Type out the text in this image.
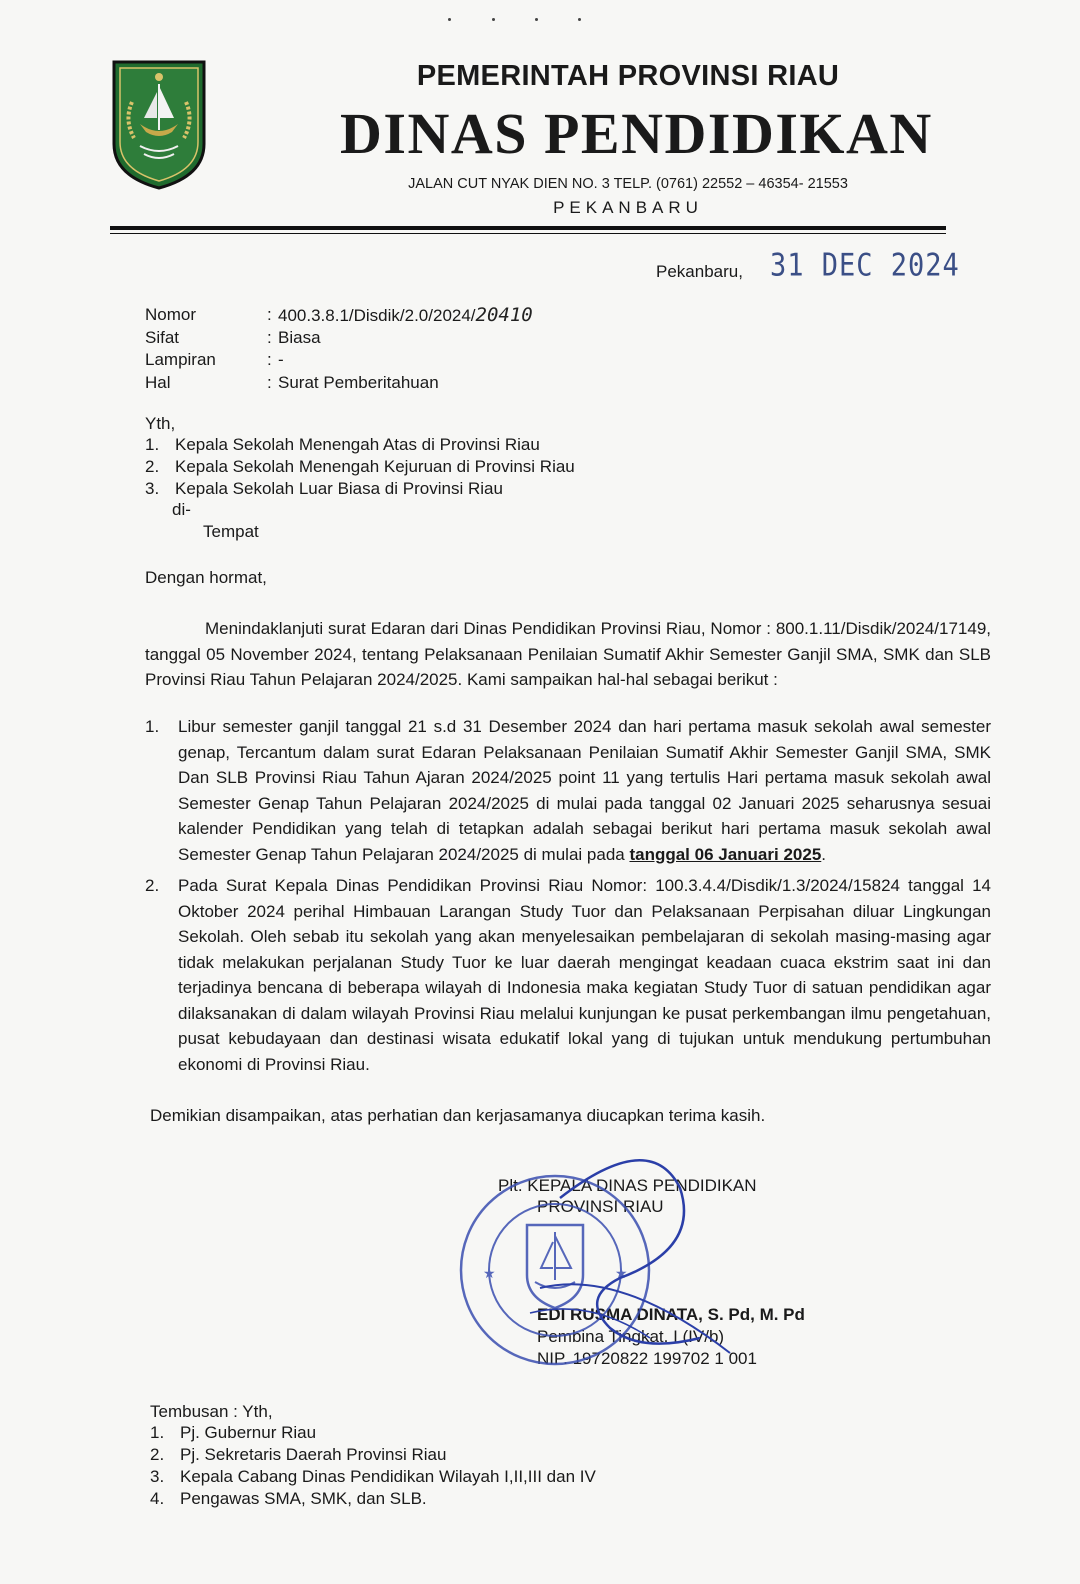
PEMERINTAH PROVINSI RIAU
DINAS PENDIDIKAN
JALAN CUT NYAK DIEN NO. 3 TELP. (0761) 22552 – 46354- 21553
PEKANBARU
Pekanbaru, 31 DEC 2024
Nomor	: 400.3.8.1/Disdik/2.0/2024/20410
Sifat	: Biasa
Lampiran	: -
Hal	: Surat Pemberitahuan
Yth,
1. Kepala Sekolah Menengah Atas di Provinsi Riau
2. Kepala Sekolah Menengah Kejuruan di Provinsi Riau
3. Kepala Sekolah Luar Biasa di Provinsi Riau
di-
Tempat
Dengan hormat,
Menindaklanjuti surat Edaran dari Dinas Pendidikan Provinsi Riau, Nomor : 800.1.11/Disdik/2024/17149, tanggal 05 November 2024, tentang Pelaksanaan Penilaian Sumatif Akhir Semester Ganjil SMA, SMK dan SLB Provinsi Riau Tahun Pelajaran 2024/2025. Kami sampaikan hal-hal sebagai berikut :
1. Libur semester ganjil tanggal 21 s.d 31 Desember 2024 dan hari pertama masuk sekolah awal semester genap, Tercantum dalam surat Edaran Pelaksanaan Penilaian Sumatif Akhir Semester Ganjil SMA, SMK Dan SLB Provinsi Riau Tahun Ajaran 2024/2025 point 11 yang tertulis Hari pertama masuk sekolah awal Semester Genap Tahun Pelajaran 2024/2025 di mulai pada tanggal 02 Januari 2025 seharusnya sesuai kalender Pendidikan yang telah di tetapkan adalah sebagai berikut hari pertama masuk sekolah awal Semester Genap Tahun Pelajaran 2024/2025 di mulai pada tanggal 06 Januari 2025.
2. Pada Surat Kepala Dinas Pendidikan Provinsi Riau Nomor: 100.3.4.4/Disdik/1.3/2024/15824 tanggal 14 Oktober 2024 perihal Himbauan Larangan Study Tuor dan Pelaksanaan Perpisahan diluar Lingkungan Sekolah. Oleh sebab itu sekolah yang akan menyelesaikan pembelajaran di sekolah masing-masing agar tidak melakukan perjalanan Study Tuor ke luar daerah mengingat keadaan cuaca ekstrim saat ini dan terjadinya bencana di beberapa wilayah di Indonesia maka kegiatan Study Tuor di satuan pendidikan agar dilaksanakan di dalam wilayah Provinsi Riau melalui kunjungan ke pusat perkembangan ilmu pengetahuan, pusat kebudayaan dan destinasi wisata edukatif lokal yang di tujukan untuk mendukung pertumbuhan ekonomi di Provinsi Riau.
Demikian disampaikan, atas perhatian dan kerjasamanya diucapkan terima kasih.
Plt. KEPALA DINAS PENDIDIKAN
PROVINSI RIAU
EDI RUSMA DINATA, S. Pd, M. Pd
Pembina Tingkat. I (IV/b)
NIP. 19720822 199702 1 001
★	★
Tembusan : Yth,
1. Pj. Gubernur Riau
2. Pj. Sekretaris Daerah Provinsi Riau
3. Kepala Cabang Dinas Pendidikan Wilayah I,II,III dan IV
4. Pengawas SMA, SMK, dan SLB.
